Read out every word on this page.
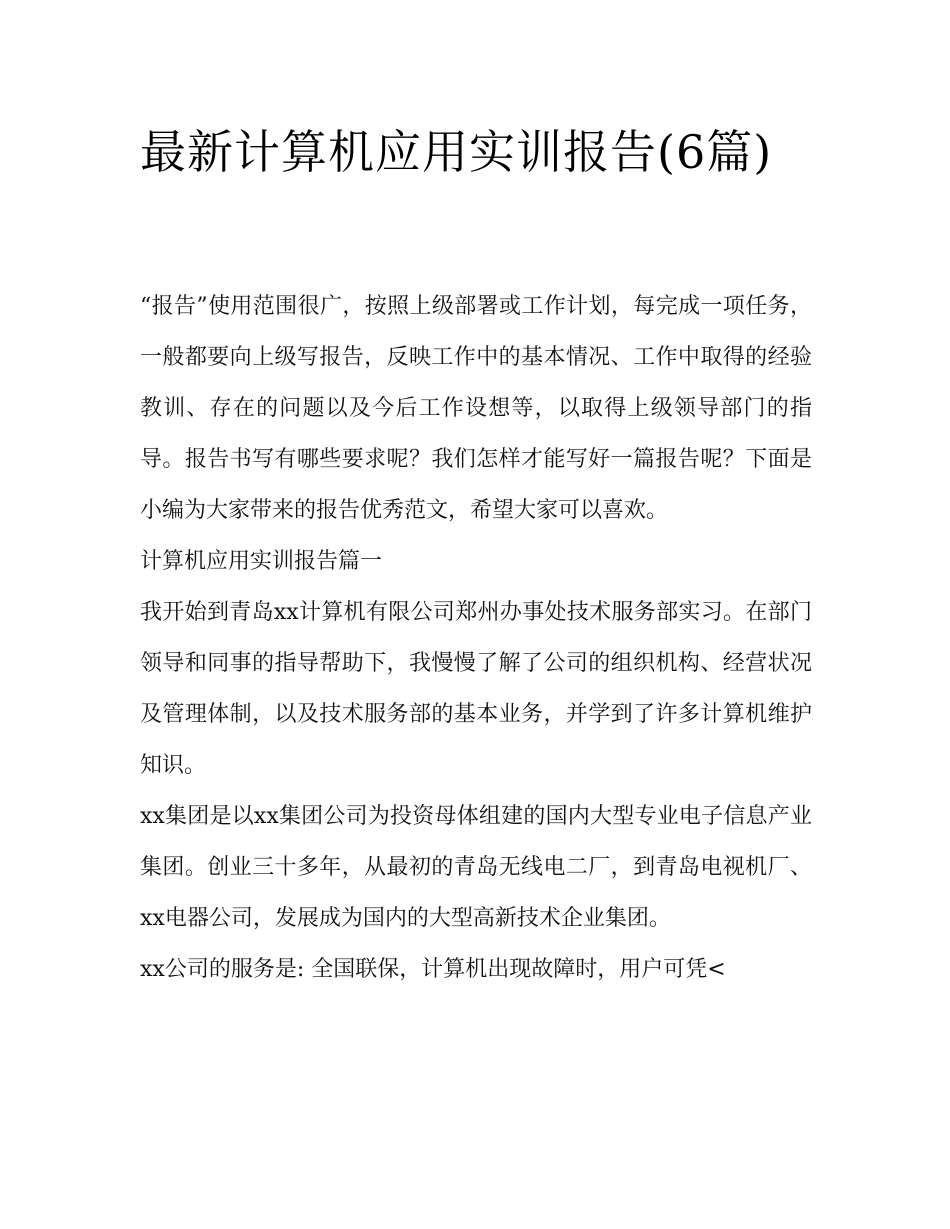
最新计算机应用实训报告(6篇)

“报告”使用范围很广，按照上级部署或工作计划，每完成一项任务，一般都要向上级写报告，反映工作中的基本情况、工作中取得的经验教训、存在的问题以及今后工作设想等，以取得上级领导部门的指导。报告书写有哪些要求呢？我们怎样才能写好一篇报告呢？下面是小编为大家带来的报告优秀范文，希望大家可以喜欢。

计算机应用实训报告篇一

我开始到青岛xx计算机有限公司郑州办事处技术服务部实习。在部门领导和同事的指导帮助下，我慢慢了解了公司的组织机构、经营状况及管理体制，以及技术服务部的基本业务，并学到了许多计算机维护知识。

xx集团是以xx集团公司为投资母体组建的国内大型专业电子信息产业集团。创业三十多年，从最初的青岛无线电二厂，到青岛电视机厂、xx电器公司，发展成为国内的大型高新技术企业集团。

xx公司的服务是: 全国联保，计算机出现故障时，用户可凭<
